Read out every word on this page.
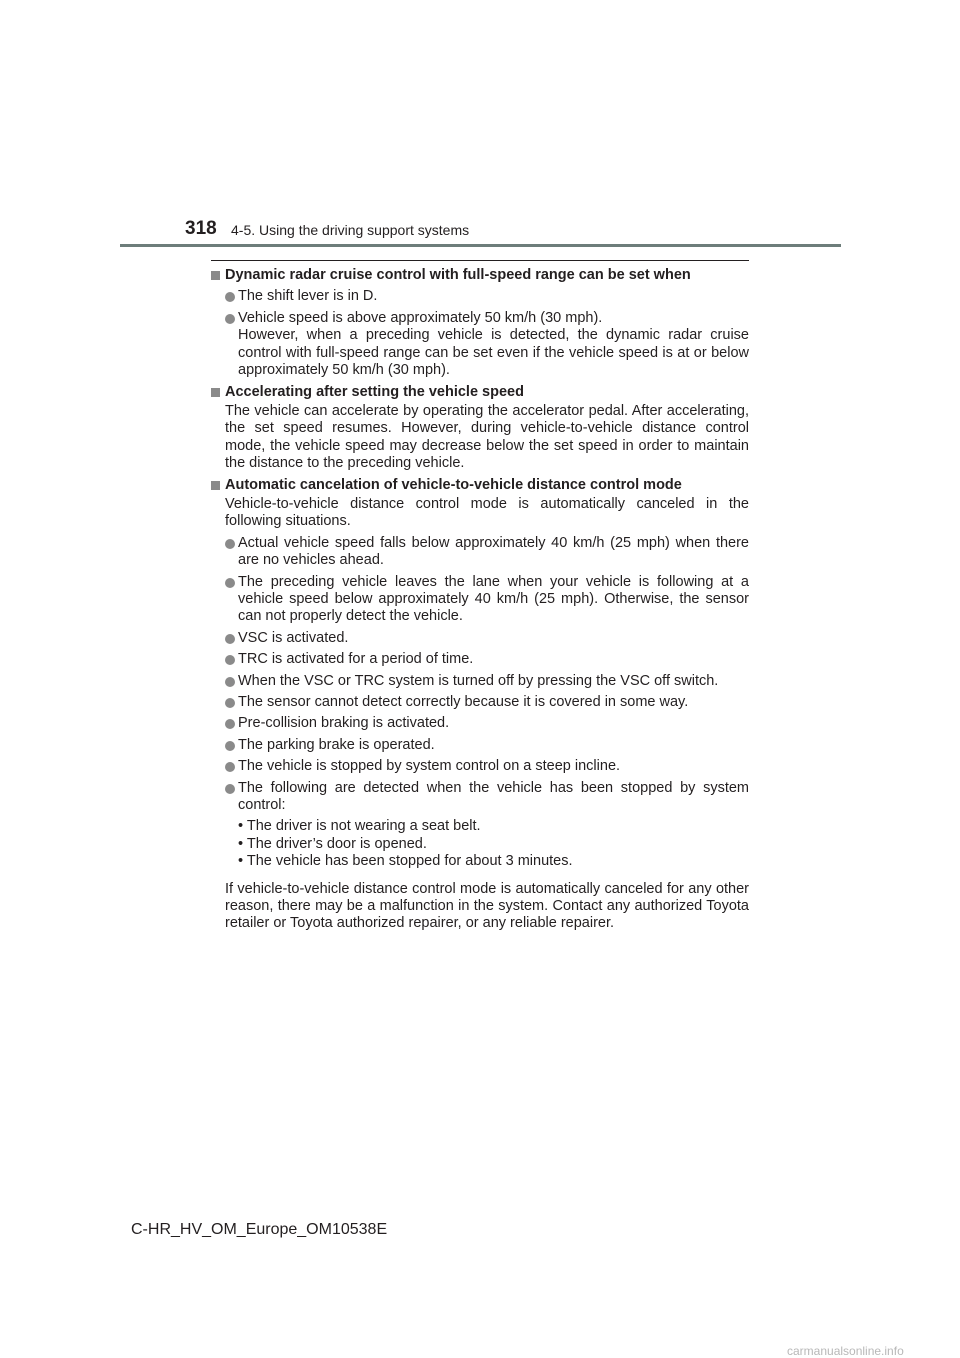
318 4-5. Using the driving support systems

Dynamic radar cruise control with full-speed range can be set when

The shift lever is in D.

Vehicle speed is above approximately 50 km/h (30 mph).
However, when a preceding vehicle is detected, the dynamic radar cruise control with full-speed range can be set even if the vehicle speed is at or below approximately 50 km/h (30 mph).

Accelerating after setting the vehicle speed

The vehicle can accelerate by operating the accelerator pedal. After accelerating, the set speed resumes. However, during vehicle-to-vehicle distance control mode, the vehicle speed may decrease below the set speed in order to maintain the distance to the preceding vehicle.

Automatic cancelation of vehicle-to-vehicle distance control mode

Vehicle-to-vehicle distance control mode is automatically canceled in the following situations.

Actual vehicle speed falls below approximately 40 km/h (25 mph) when there are no vehicles ahead.

The preceding vehicle leaves the lane when your vehicle is following at a vehicle speed below approximately 40 km/h (25 mph). Otherwise, the sensor can not properly detect the vehicle.

VSC is activated.

TRC is activated for a period of time.

When the VSC or TRC system is turned off by pressing the VSC off switch.

The sensor cannot detect correctly because it is covered in some way.

Pre-collision braking is activated.

The parking brake is operated.

The vehicle is stopped by system control on a steep incline.

The following are detected when the vehicle has been stopped by system control:

• The driver is not wearing a seat belt.

• The driver’s door is opened.

• The vehicle has been stopped for about 3 minutes.

If vehicle-to-vehicle distance control mode is automatically canceled for any other reason, there may be a malfunction in the system. Contact any authorized Toyota retailer or Toyota authorized repairer, or any reliable repairer.

C-HR_HV_OM_Europe_OM10538E
carmanualsonline.info
